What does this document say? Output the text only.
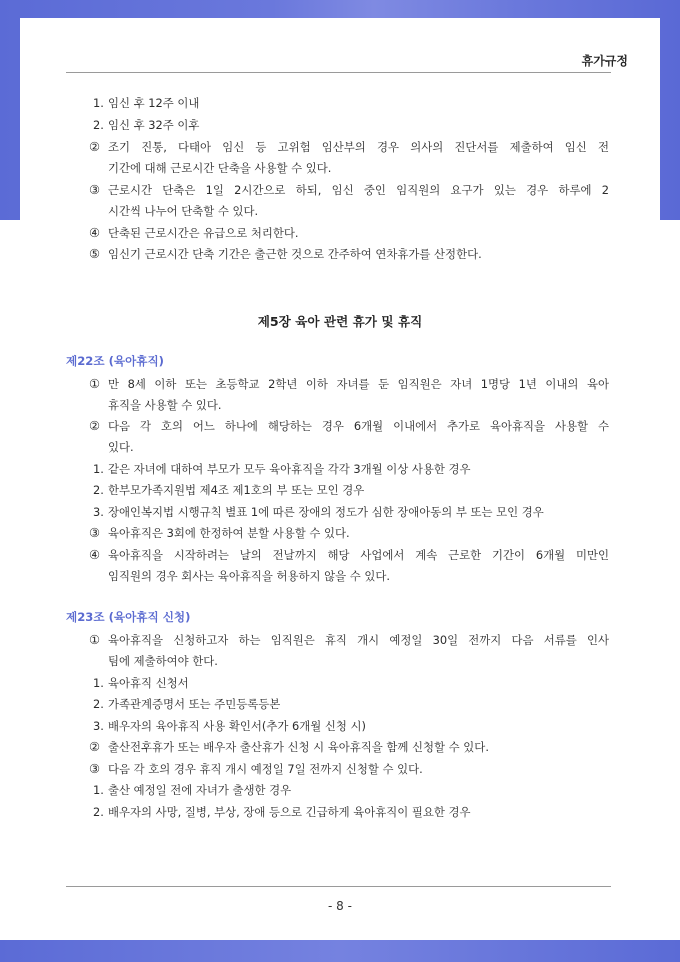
휴가규정
1. 임신 후 12주 이내
2. 임신 후 32주 이후
② 조기 진통, 다태아 임신 등 고위험 임산부의 경우 의사의 진단서를 제출하여 임신 전
기간에 대해 근로시간 단축을 사용할 수 있다.
③ 근로시간 단축은 1일 2시간으로 하되, 임신 중인 임직원의 요구가 있는 경우 하루에 2
시간씩 나누어 단축할 수 있다.
④ 단축된 근로시간은 유급으로 처리한다.
⑤ 임신기 근로시간 단축 기간은 출근한 것으로 간주하여 연차휴가를 산정한다.
제5장 육아 관련 휴가 및 휴직
제22조 (육아휴직)
① 만 8세 이하 또는 초등학교 2학년 이하 자녀를 둔 임직원은 자녀 1명당 1년 이내의 육아
휴직을 사용할 수 있다.
② 다음 각 호의 어느 하나에 해당하는 경우 6개월 이내에서 추가로 육아휴직을 사용할 수
있다.
1. 같은 자녀에 대하여 부모가 모두 육아휴직을 각각 3개월 이상 사용한 경우
2. 한부모가족지원법 제4조 제1호의 부 또는 모인 경우
3. 장애인복지법 시행규칙 별표 1에 따른 장애의 정도가 심한 장애아동의 부 또는 모인 경우
③ 육아휴직은 3회에 한정하여 분할 사용할 수 있다.
④ 육아휴직을 시작하려는 날의 전날까지 해당 사업에서 계속 근로한 기간이 6개월 미만인
임직원의 경우 회사는 육아휴직을 허용하지 않을 수 있다.
제23조 (육아휴직 신청)
① 육아휴직을 신청하고자 하는 임직원은 휴직 개시 예정일 30일 전까지 다음 서류를 인사
팀에 제출하여야 한다.
1. 육아휴직 신청서
2. 가족관계증명서 또는 주민등록등본
3. 배우자의 육아휴직 사용 확인서(추가 6개월 신청 시)
② 출산전후휴가 또는 배우자 출산휴가 신청 시 육아휴직을 함께 신청할 수 있다.
③ 다음 각 호의 경우 휴직 개시 예정일 7일 전까지 신청할 수 있다.
1. 출산 예정일 전에 자녀가 출생한 경우
2. 배우자의 사망, 질병, 부상, 장애 등으로 긴급하게 육아휴직이 필요한 경우
- 8 -
